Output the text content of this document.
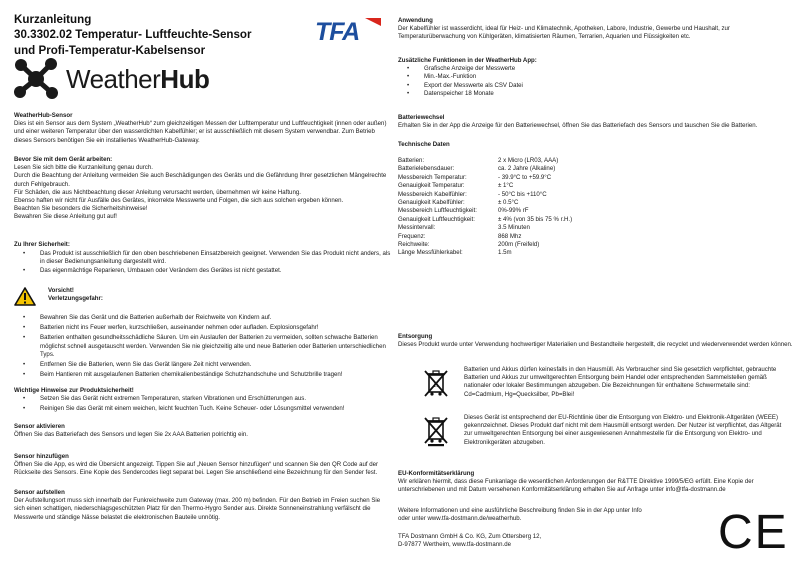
Kurzanleitung
30.3302.02 Temperatur- Luftfeuchte-Sensor
und Profi-Temperatur-Kabelsensor
WeatherHub

WeatherHub-Sensor

Dies ist ein Sensor aus dem System „WeatherHub“ zum gleichzeitigen Messen der Lufttemperatur und Luftfeuchtigkeit (innen oder außen) und einer weiteren Temperatur über den wasserdichten Kabelfühler; er ist ausschließlich mit diesem System verwendbar. Zum Betrieb dieses Sensors benötigen Sie ein installiertes WeatherHub-Gateway.

Bevor Sie mit dem Gerät arbeiten:

Lesen Sie sich bitte die Kurzanleitung genau durch.

Durch die Beachtung der Anleitung vermeiden Sie auch Beschädigungen des Geräts und die Gefährdung Ihrer gesetzlichen Mängelrechte durch Fehlgebrauch.

Für Schäden, die aus Nichtbeachtung dieser Anleitung verursacht werden, übernehmen wir keine Haftung.

Ebenso haften wir nicht für Ausfälle des Gerätes, inkorrekte Messwerte und Folgen, die sich aus solchen ergeben können.

Beachten Sie besonders die Sicherheitshinweise!

Bewahren Sie diese Anleitung gut auf!

Zu Ihrer Sicherheit:

• Das Produkt ist ausschließlich für den oben beschriebenen Einsatzbereich geeignet. Verwenden Sie das Produkt nicht anders, als in dieser Bedienungsanleitung dargestellt wird.

• Das eigenmächtige Reparieren, Umbauen oder Verändern des Gerätes ist nicht gestattet.

Vorsicht!

Verletzungsgefahr:

• Bewahren Sie das Gerät und die Batterien außerhalb der Reichweite von Kindern auf.

• Batterien nicht ins Feuer werfen, kurzschließen, auseinander nehmen oder aufladen. Explosionsgefahr!

• Batterien enthalten gesundheitsschädliche Säuren. Um ein Auslaufen der Batterien zu vermeiden, sollten schwache Batterien möglichst schnell ausgetauscht werden. Verwenden Sie nie gleichzeitig alte und neue Batterien oder Batterien unterschiedlichen Typs.

• Entfernen Sie die Batterien, wenn Sie das Gerät längere Zeit nicht verwenden.

• Beim Hantieren mit ausgelaufenen Batterien chemikalienbeständige Schutzhandschuhe und Schutzbrille tragen!

Wichtige Hinweise zur Produktsicherheit!

• Setzen Sie das Gerät nicht extremen Temperaturen, starken Vibrationen und Erschütterungen aus.

• Reinigen Sie das Gerät mit einem weichen, leicht feuchten Tuch. Keine Scheuer- oder Lösungsmittel verwenden!

Sensor aktivieren

Öffnen Sie das Batteriefach des Sensors und legen Sie 2x AAA Batterien polrichtig ein.

Sensor hinzufügen

Öffnen Sie die App, es wird die Übersicht angezeigt. Tippen Sie auf „Neuen Sensor hinzufügen“ und scannen Sie den QR Code auf der Rückseite des Sensors. Eine Kopie des Sendercodes liegt separat bei. Legen Sie anschließend eine Bezeichnung für den Sender fest.

Sensor aufstellen

Der Aufstellungsort muss sich innerhalb der Funkreichweite zum Gateway (max. 200 m) befinden. Für den Betrieb im Freien suchen Sie sich einen schattigen, niederschlagsgeschützten Platz für den Thermo-Hygro Sender aus. Direkte Sonneneinstrahlung verfälscht die Messwerte und ständige Nässe belastet die elektronischen Bauteile unnötig.

TFA	Anwendung

Der Kabelfühler ist wasserdicht, ideal für Heiz- und Klimatechnik, Apotheken, Labore, Industrie, Gewerbe und Haushalt, zur Temperaturüberwachung von Kühlgeräten, klimatisierten Räumen, Terrarien, Aquarien und Flüssigkeiten etc.

Zusätzliche Funktionen in der WeatherHub App:

• Grafische Anzeige der Messwerte

• Min.-Max.-Funktion

• Export der Messwerte als CSV Datei

• Datenspeicher 18 Monate

Batteriewechsel

Erhalten Sie in der App die Anzeige für den Batteriewechsel, öffnen Sie das Batteriefach des Sensors und tauschen Sie die Batterien.

Technische Daten

Batterien:	2 x Micro (LR03, AAA)
Batterielebensdauer:	ca. 2 Jahre (Alkaline)
Messbereich Temperatur:	- 39.9°C to +59.9°C
Genauigkeit Temperatur:	± 1°C
Messbereich Kabelfühler:	- 50°C bis +110°C
Genauigkeit Kabelfühler:	± 0.5°C
Messbereich Luftfeuchtigkeit:	0%-99% rF
Genauigkeit Luftfeuchtigkeit:	± 4% (von 35 bis 75 % r.H.)
Messintervall:	3.5 Minuten
Frequenz:	868 Mhz
Reichweite:	200m (Freifeld)
Länge Messfühlerkabel:	1.5m

Entsorgung

Dieses Produkt wurde unter Verwendung hochwertiger Materialien und Bestandteile hergestellt, die recyclet und wiederverwendet werden können.

Li
Batterien und Akkus dürfen keinesfalls in den Hausmüll. Als Verbraucher sind Sie gesetzlich verpflichtet, gebrauchte Batterien und Akkus zur umweltgerechten Entsorgung beim Handel oder entsprechenden Sammelstellen gemäß nationaler oder lokaler Bestimmungen abzugeben. Die Bezeichnungen für enthaltene Schwermetalle sind: Cd=Cadmium, Hg=Quecksilber, Pb=Blei!
Dieses Gerät ist entsprechend der EU-Richtlinie über die Entsorgung von Elektro- und Elektronik-Altgeräten (WEEE) gekennzeichnet. Dieses Produkt darf nicht mit dem Hausmüll entsorgt werden. Der Nutzer ist verpflichtet, das Altgerät zur umweltgerechten Entsorgung bei einer ausgewiesenen Annahmestelle für die Entsorgung von Elektro- und Elektronikgeräten abzugeben.

EU-Konformitätserklärung

Wir erklären hiermit, dass diese Funkanlage die wesentlichen Anforderungen der R&TTE Direktive 1999/5/EG erfüllt. Eine Kopie der unterschriebenen und mit Datum versehenen Konformitätserklärung erhalten Sie auf Anfrage unter info@tfa-dostmann.de

Weitere Informationen und eine ausführliche Beschreibung finden Sie in der App unter Info

oder unter www.tfa-dostmann.de/weatherhub.

TFA Dostmann GmbH & Co. KG, Zum Ottersberg 12,

D-97877 Wertheim, www.tfa-dostmann.de	CE
